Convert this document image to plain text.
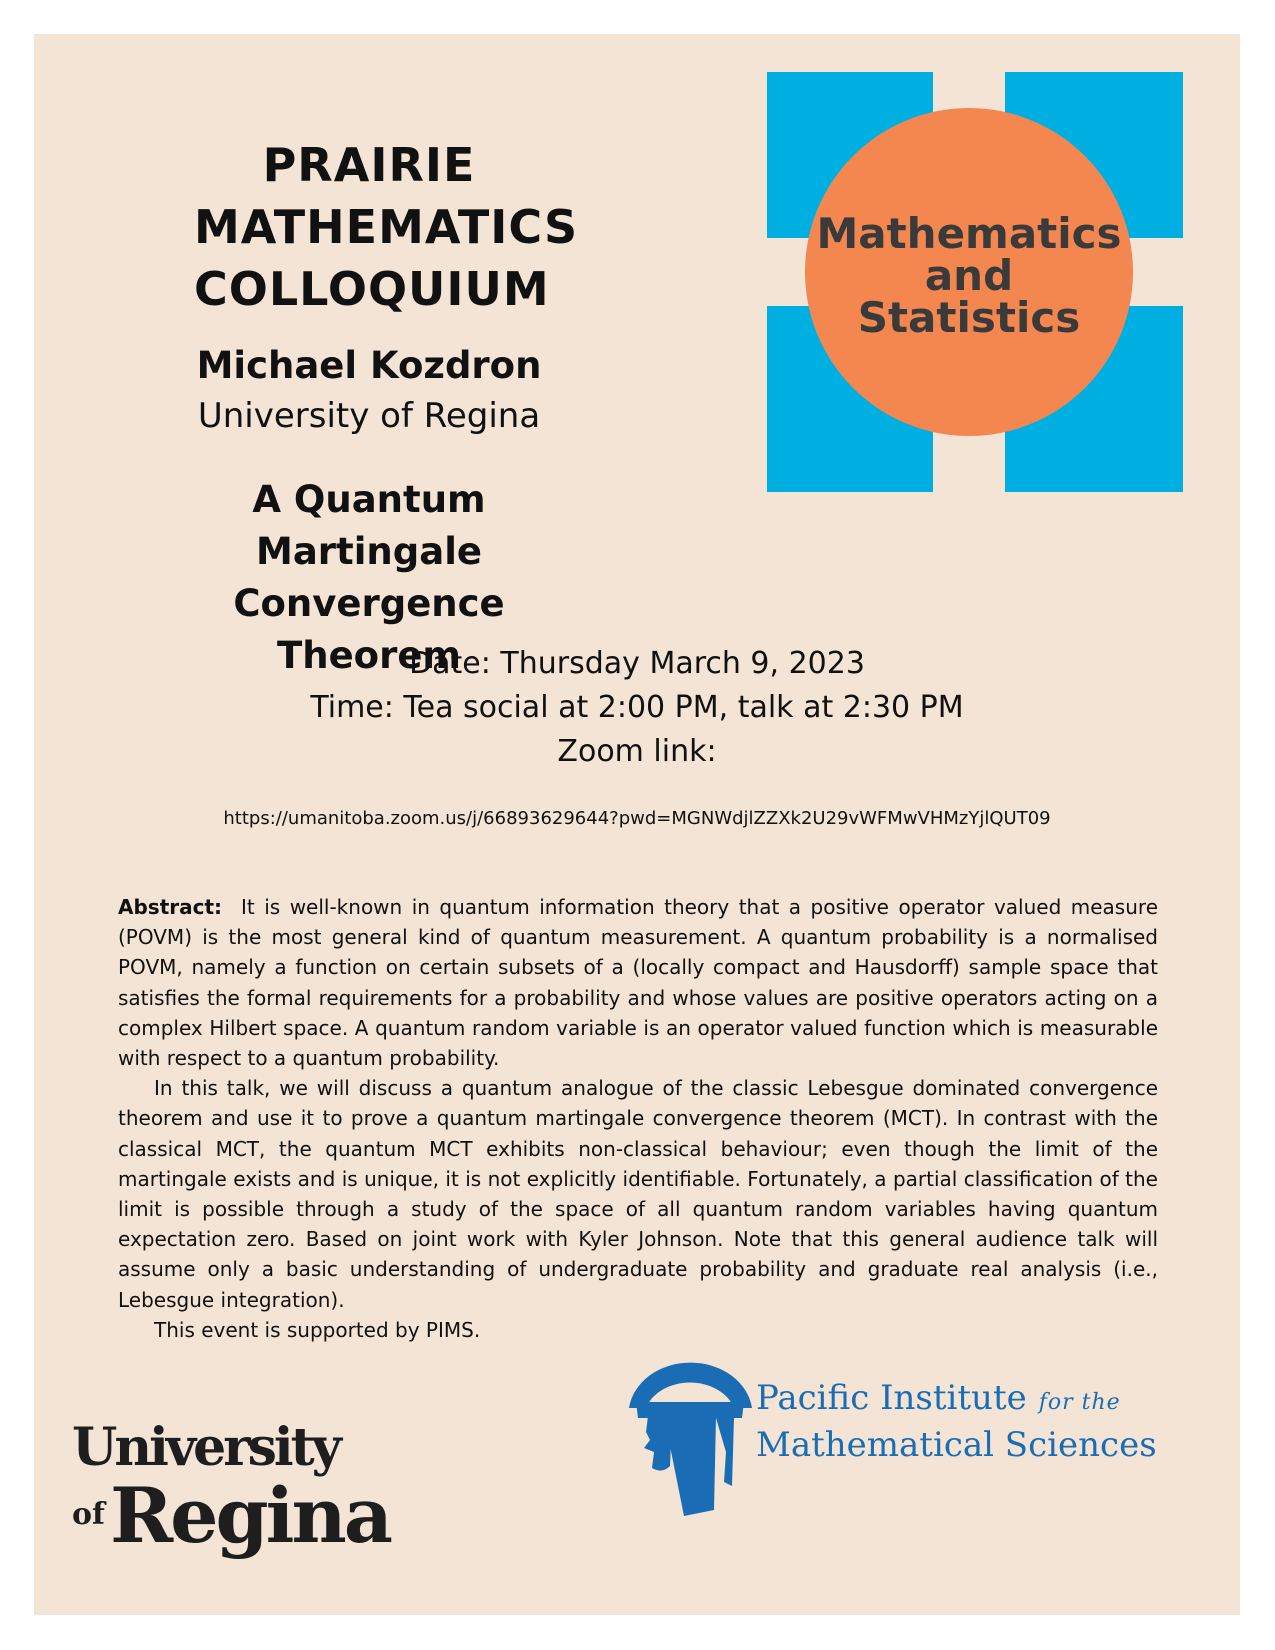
PRAIRIE
MATHEMATICS
COLLOQUIUM
Michael Kozdron
University of Regina
A Quantum Martingale
Convergence Theorem
Mathematics
and
Statistics
Date: Thursday March 9, 2023
Time: Tea social at 2:00 PM, talk at 2:30 PM
Zoom link:
https://umanitoba.zoom.us/j/66893629644?pwd=MGNWdjlZZXk2U29vWFMwVHMzYjlQUT09

Abstract: It is well-known in quantum information theory that a positive operator valued measure (POVM) is the most general kind of quantum measurement. A quantum probability is a normalised POVM, namely a function on certain subsets of a (locally compact and Hausdorff) sample space that satisfies the formal requirements for a probability and whose values are positive operators acting on a complex Hilbert space. A quantum random variable is an operator valued function which is measurable with respect to a quantum probability.

In this talk, we will discuss a quantum analogue of the classic Lebesgue dominated convergence theorem and use it to prove a quantum martingale convergence theorem (MCT). In contrast with the classical MCT, the quantum MCT exhibits non-classical behaviour; even though the limit of the martingale exists and is unique, it is not explicitly identifiable. Fortunately, a partial classification of the limit is possible through a study of the space of all quantum random variables having quantum expectation zero. Based on joint work with Kyler Johnson. Note that this general audience talk will assume only a basic understanding of undergraduate probability and graduate real analysis (i.e., Lebesgue integration).

This event is supported by PIMS.

University
of Regina
Pacific Institute for the
Mathematical Sciences
